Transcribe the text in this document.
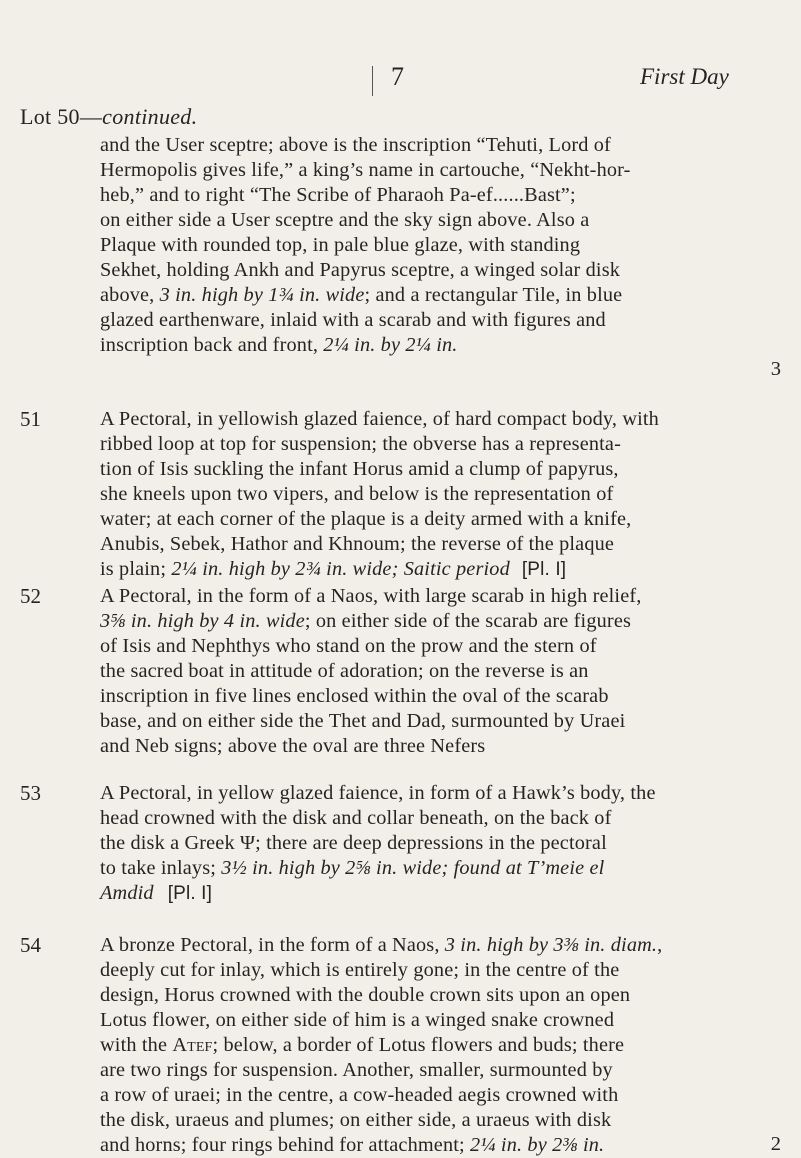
7	First Day
Lot 50—continued.
and the User sceptre; above is the inscription “Tehuti, Lord of
Hermopolis gives life,” a king’s name in cartouche, “Nekht-hor-
heb,” and to right “The Scribe of Pharaoh Pa-ef......Bast”;
on either side a User sceptre and the sky sign above. Also a
Plaque with rounded top, in pale blue glaze, with standing
Sekhet, holding Ankh and Papyrus sceptre, a winged solar disk
above, 3 in. high by 1¾ in. wide; and a rectangular Tile, in blue
glazed earthenware, inlaid with a scarab and with figures and
inscription back and front, 2¼ in. by 2¼ in.
3
51	A Pectoral, in yellowish glazed faience, of hard compact body, with
ribbed loop at top for suspension; the obverse has a representa-
tion of Isis suckling the infant Horus amid a clump of papyrus,
she kneels upon two vipers, and below is the representation of
water; at each corner of the plaque is a deity armed with a knife,
Anubis, Sebek, Hathor and Khnoum; the reverse of the plaque
is plain; 2¼ in. high by 2¾ in. wide; Saitic period [Pl. I]
52	A Pectoral, in the form of a Naos, with large scarab in high relief,
3⅝ in. high by 4 in. wide; on either side of the scarab are figures
of Isis and Nephthys who stand on the prow and the stern of
the sacred boat in attitude of adoration; on the reverse is an
inscription in five lines enclosed within the oval of the scarab
base, and on either side the Thet and Dad, surmounted by Uraei
and Neb signs; above the oval are three Nefers
53	A Pectoral, in yellow glazed faience, in form of a Hawk’s body, the
head crowned with the disk and collar beneath, on the back of
the disk a Greek Ψ; there are deep depressions in the pectoral
to take inlays; 3½ in. high by 2⅝ in. wide; found at T’meie el
Amdid [Pl. I]
54	A bronze Pectoral, in the form of a Naos, 3 in. high by 3⅜ in. diam.,
deeply cut for inlay, which is entirely gone; in the centre of the
design, Horus crowned with the double crown sits upon an open
Lotus flower, on either side of him is a winged snake crowned
with the Atef; below, a border of Lotus flowers and buds; there
are two rings for suspension. Another, smaller, surmounted by
a row of uraei; in the centre, a cow-headed aegis crowned with
the disk, uraeus and plumes; on either side, a uraeus with disk
and horns; four rings behind for attachment; 2¼ in. by 2⅜ in.	2
